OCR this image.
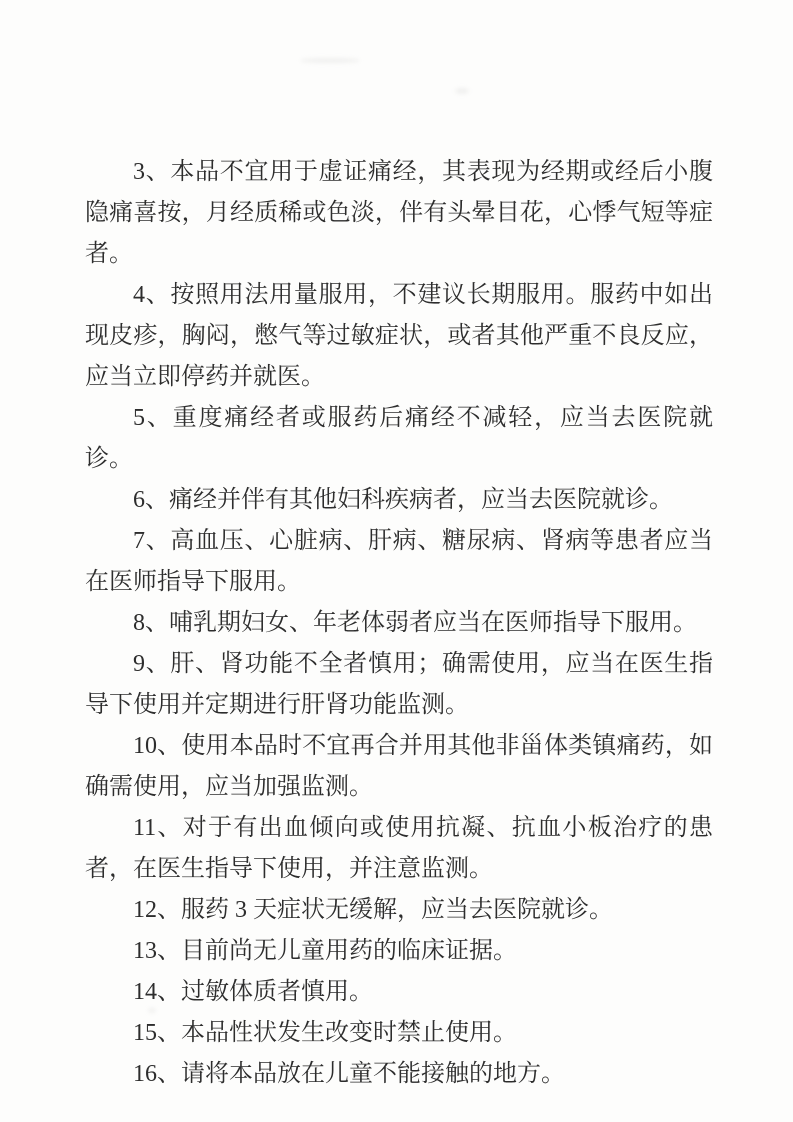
3、本品不宜用于虚证痛经，其表现为经期或经后小腹隐痛喜按，月经质稀或色淡，伴有头晕目花，心悸气短等症者。

4、按照用法用量服用，不建议长期服用。服药中如出现皮疹，胸闷，憋气等过敏症状，或者其他严重不良反应，应当立即停药并就医。

5、重度痛经者或服药后痛经不减轻，应当去医院就诊。

6、痛经并伴有其他妇科疾病者，应当去医院就诊。

7、高血压、心脏病、肝病、糖尿病、肾病等患者应当在医师指导下服用。

8、哺乳期妇女、年老体弱者应当在医师指导下服用。

9、肝、肾功能不全者慎用；确需使用，应当在医生指导下使用并定期进行肝肾功能监测。

10、使用本品时不宜再合并用其他非甾体类镇痛药，如确需使用，应当加强监测。

11、对于有出血倾向或使用抗凝、抗血小板治疗的患者，在医生指导下使用，并注意监测。

12、服药 3 天症状无缓解，应当去医院就诊。

13、目前尚无儿童用药的临床证据。

14、过敏体质者慎用。

15、本品性状发生改变时禁止使用。

16、请将本品放在儿童不能接触的地方。
